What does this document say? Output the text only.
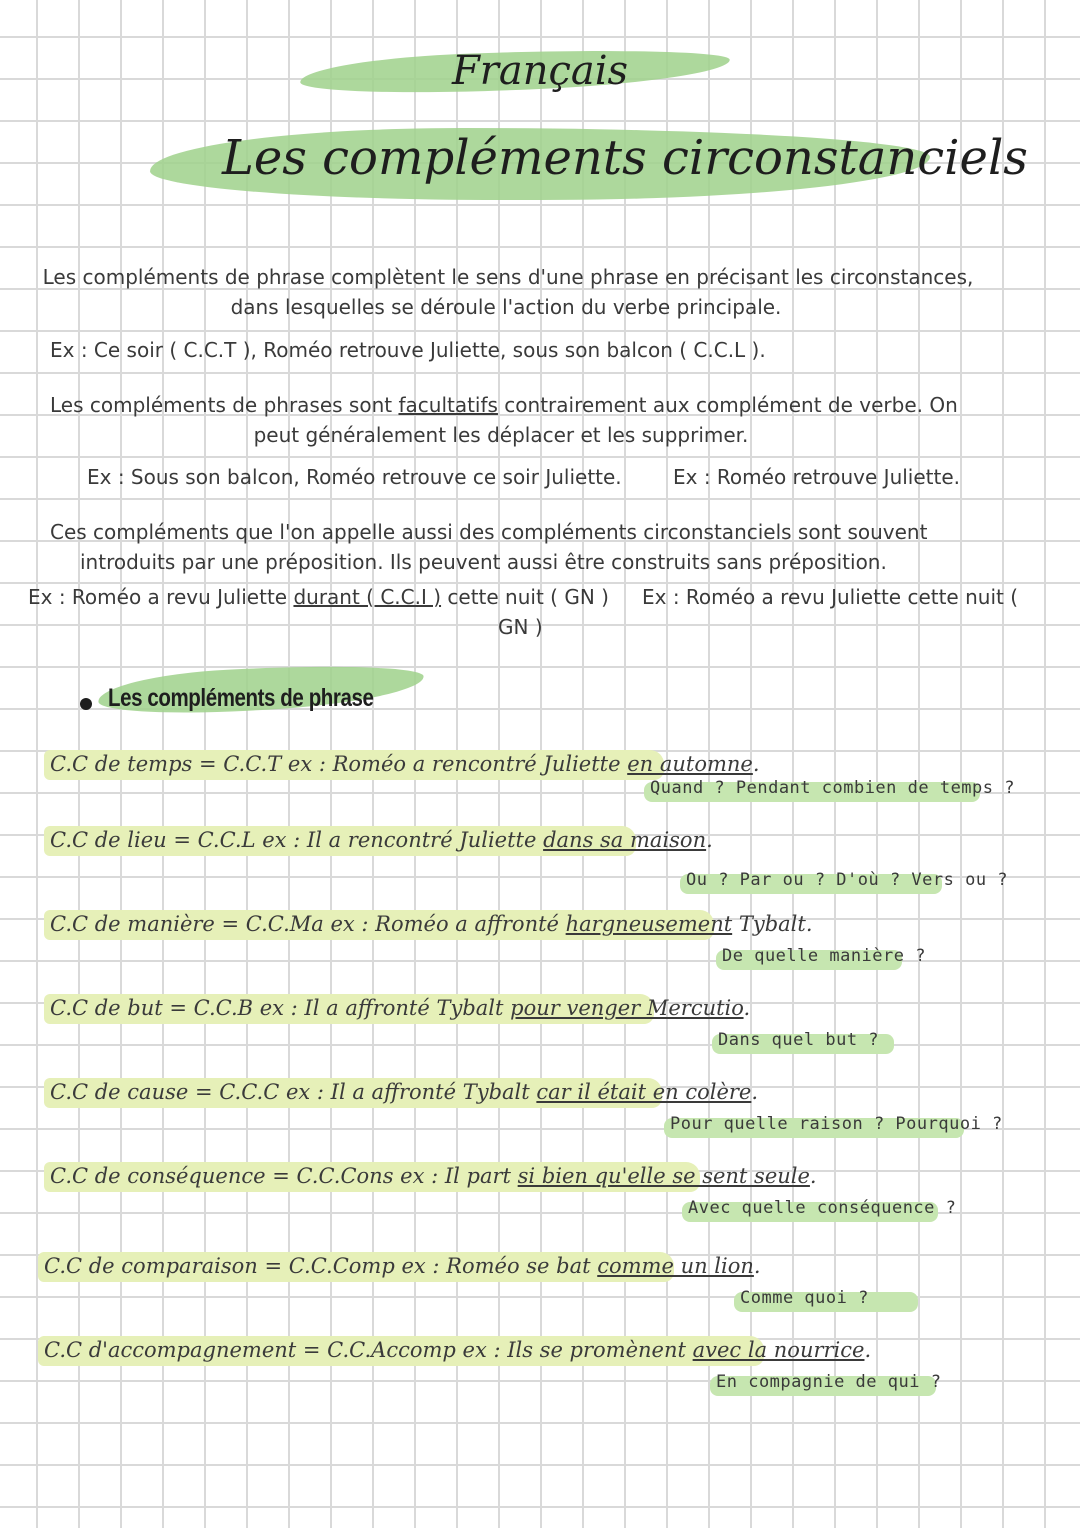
Français
Les compléments circonstanciels
Les compléments de phrase complètent le sens d'une phrase en précisant les circonstances,
dans lesquelles se déroule l'action du verbe principale.
Ex : Ce soir ( C.C.T ), Roméo retrouve Juliette, sous son balcon ( C.C.L ).
Les compléments de phrases sont facultatifs contrairement aux complément de verbe. On
peut généralement les déplacer et les supprimer.
Ex : Sous son balcon, Roméo retrouve ce soir Juliette.	Ex : Roméo retrouve Juliette.
Ces compléments que l'on appelle aussi des compléments circonstanciels sont souvent
introduits par une préposition. Ils peuvent aussi être construits sans préposition.
Ex : Roméo a revu Juliette durant ( C.C.I ) cette nuit ( GN ) Ex : Roméo a revu Juliette cette nuit (
GN )
Les compléments de phrase
C.C de temps = C.C.T ex : Roméo a rencontré Juliette en automne.
Quand ? Pendant combien de temps ?
C.C de lieu = C.C.L ex : Il a rencontré Juliette dans sa maison.
Ou ? Par ou ? D'où ? Vers ou ?
C.C de manière = C.C.Ma ex : Roméo a affronté hargneusement Tybalt.
De quelle manière ?
C.C de but = C.C.B ex : Il a affronté Tybalt pour venger Mercutio.
Dans quel but ?
C.C de cause = C.C.C ex : Il a affronté Tybalt car il était en colère.
Pour quelle raison ? Pourquoi ?
C.C de conséquence = C.C.Cons ex : Il part si bien qu'elle se sent seule.
Avec quelle conséquence ?
C.C de comparaison = C.C.Comp ex : Roméo se bat comme un lion.
Comme quoi ?
C.C d'accompagnement = C.C.Accomp ex : Ils se promènent avec la nourrice.
En compagnie de qui ?
